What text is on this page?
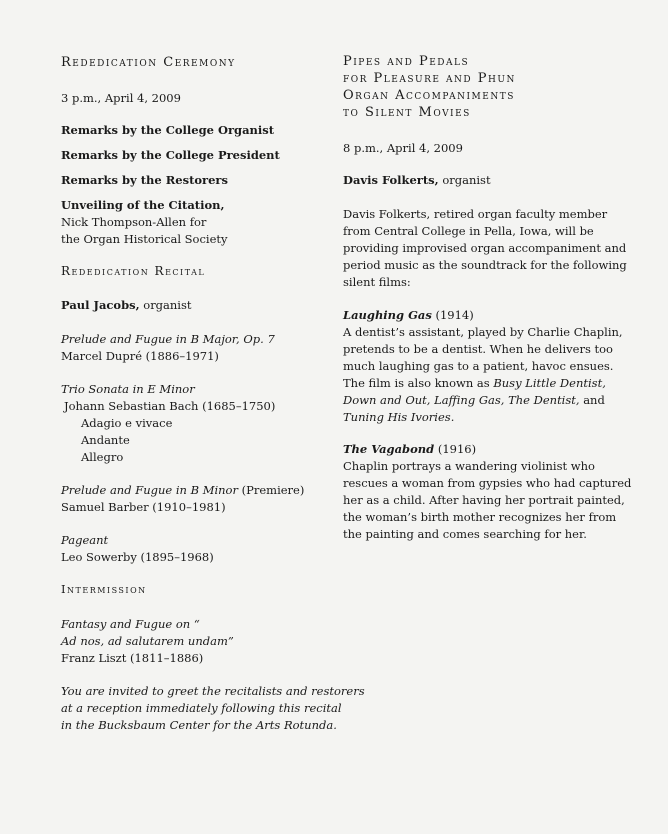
Rededication Ceremony
3 p.m., April 4, 2009
Remarks by the College Organist
Remarks by the College President
Remarks by the Restorers
Unveiling of the Citation,
Nick Thompson-Allen for
the Organ Historical Society
Rededication Recital
Paul Jacobs, organist
Prelude and Fugue in B Major, Op. 7
Marcel Dupré (1886–1971)
Trio Sonata in E Minor
Johann Sebastian Bach (1685–1750)
Adagio e vivace
Andante
Allegro
Prelude and Fugue in B Minor (Premiere)
Samuel Barber (1910–1981)
Pageant
Leo Sowerby (1895–1968)
Intermission
Fantasy and Fugue on “
Ad nos, ad salutarem undam”
Franz Liszt (1811–1886)
You are invited to greet the recitalists and restorers
at a reception immediately following this recital
in the Bucksbaum Center for the Arts Rotunda.
Pipes and Pedals
for Pleasure and Phun
Organ Accompaniments
to Silent Movies
8 p.m., April 4, 2009
Davis Folkerts, organist
Davis Folkerts, retired organ faculty member
from Central College in Pella, Iowa, will be
providing improvised organ accompaniment and
period music as the soundtrack for the following
silent films:
Laughing Gas (1914)
A dentist’s assistant, played by Charlie Chaplin,
pretends to be a dentist. When he delivers too
much laughing gas to a patient, havoc ensues.
The film is also known as Busy Little Dentist,
Down and Out, Laffing Gas, The Dentist, and
Tuning His Ivories.
The Vagabond (1916)
Chaplin portrays a wandering violinist who
rescues a woman from gypsies who had captured
her as a child. After having her portrait painted,
the woman’s birth mother recognizes her from
the painting and comes searching for her.
